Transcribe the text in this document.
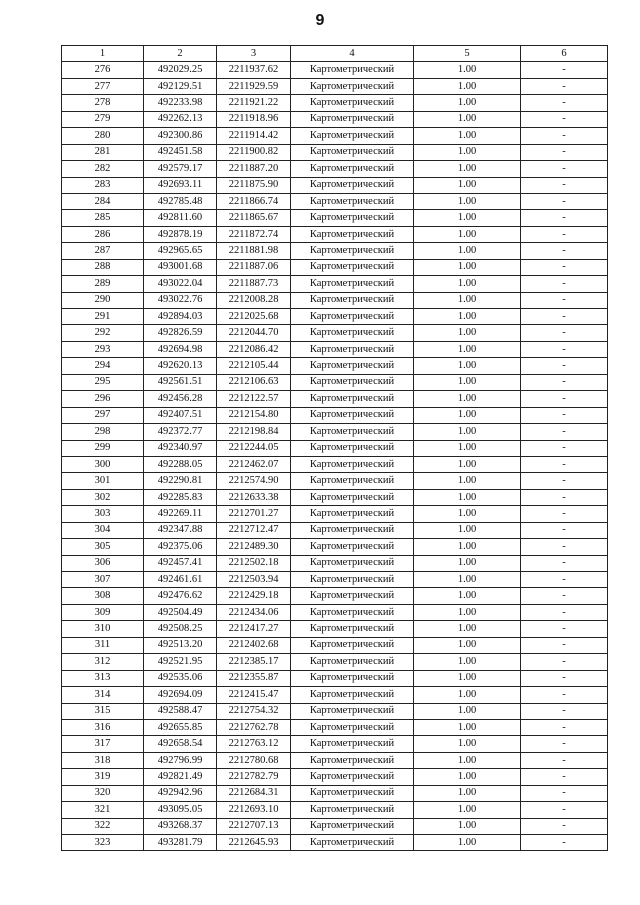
9
1	2	3	4	5	6
276	492029.25	2211937.62	Картометрический	1.00	-
277	492129.51	2211929.59	Картометрический	1.00	-
278	492233.98	2211921.22	Картометрический	1.00	-
279	492262.13	2211918.96	Картометрический	1.00	-
280	492300.86	2211914.42	Картометрический	1.00	-
281	492451.58	2211900.82	Картометрический	1.00	-
282	492579.17	2211887.20	Картометрический	1.00	-
283	492693.11	2211875.90	Картометрический	1.00	-
284	492785.48	2211866.74	Картометрический	1.00	-
285	492811.60	2211865.67	Картометрический	1.00	-
286	492878.19	2211872.74	Картометрический	1.00	-
287	492965.65	2211881.98	Картометрический	1.00	-
288	493001.68	2211887.06	Картометрический	1.00	-
289	493022.04	2211887.73	Картометрический	1.00	-
290	493022.76	2212008.28	Картометрический	1.00	-
291	492894.03	2212025.68	Картометрический	1.00	-
292	492826.59	2212044.70	Картометрический	1.00	-
293	492694.98	2212086.42	Картометрический	1.00	-
294	492620.13	2212105.44	Картометрический	1.00	-
295	492561.51	2212106.63	Картометрический	1.00	-
296	492456.28	2212122.57	Картометрический	1.00	-
297	492407.51	2212154.80	Картометрический	1.00	-
298	492372.77	2212198.84	Картометрический	1.00	-
299	492340.97	2212244.05	Картометрический	1.00	-
300	492288.05	2212462.07	Картометрический	1.00	-
301	492290.81	2212574.90	Картометрический	1.00	-
302	492285.83	2212633.38	Картометрический	1.00	-
303	492269.11	2212701.27	Картометрический	1.00	-
304	492347.88	2212712.47	Картометрический	1.00	-
305	492375.06	2212489.30	Картометрический	1.00	-
306	492457.41	2212502.18	Картометрический	1.00	-
307	492461.61	2212503.94	Картометрический	1.00	-
308	492476.62	2212429.18	Картометрический	1.00	-
309	492504.49	2212434.06	Картометрический	1.00	-
310	492508.25	2212417.27	Картометрический	1.00	-
311	492513.20	2212402.68	Картометрический	1.00	-
312	492521.95	2212385.17	Картометрический	1.00	-
313	492535.06	2212355.87	Картометрический	1.00	-
314	492694.09	2212415.47	Картометрический	1.00	-
315	492588.47	2212754.32	Картометрический	1.00	-
316	492655.85	2212762.78	Картометрический	1.00	-
317	492658.54	2212763.12	Картометрический	1.00	-
318	492796.99	2212780.68	Картометрический	1.00	-
319	492821.49	2212782.79	Картометрический	1.00	-
320	492942.96	2212684.31	Картометрический	1.00	-
321	493095.05	2212693.10	Картометрический	1.00	-
322	493268.37	2212707.13	Картометрический	1.00	-
323	493281.79	2212645.93	Картометрический	1.00	-
